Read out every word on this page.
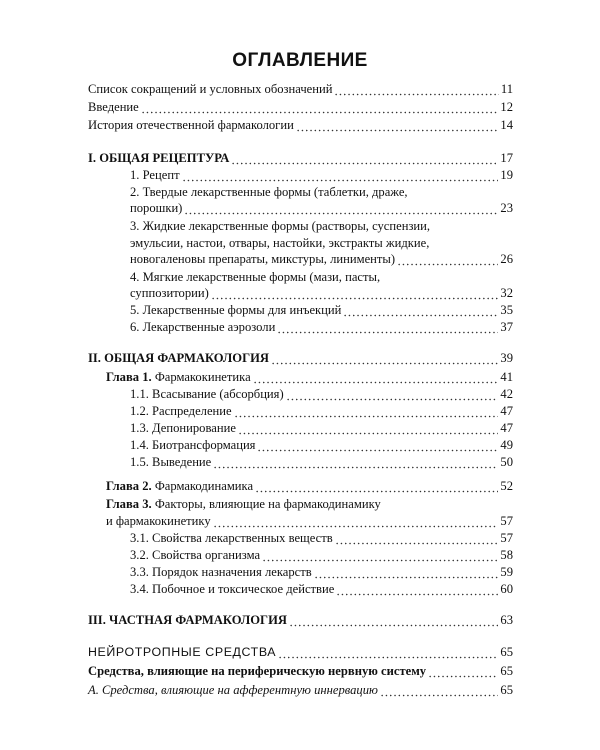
ОГЛАВЛЕНИЕ
Список сокращений и условных обозначений	11
Введение	12
История отечественной фармакологии	14
I. ОБЩАЯ РЕЦЕПТУРА	17
1. Рецепт	19
2. Твердые лекарственные формы (таблетки, драже,
порошки)	23
3. Жидкие лекарственные формы (растворы, суспензии,
эмульсии, настои, отвары, настойки, экстракты жидкие,
новогаленовы препараты, микстуры, линименты)	26
4. Мягкие лекарственные формы (мази, пасты,
суппозитории)	32
5. Лекарственные формы для инъекций	35
6. Лекарственные аэрозоли	37
II. ОБЩАЯ ФАРМАКОЛОГИЯ	39
Глава 1. Фармакокинетика	41
1.1. Всасывание (абсорбция)	42
1.2. Распределение	47
1.3. Депонирование	47
1.4. Биотрансформация	49
1.5. Выведение	50
Глава 2. Фармакодинамика	52
Глава 3. Факторы, влияющие на фармакодинамику
и фармакокинетику	57
3.1. Свойства лекарственных веществ	57
3.2. Свойства организма	58
3.3. Порядок назначения лекарств	59
3.4. Побочное и токсическое действие	60
III. ЧАСТНАЯ ФАРМАКОЛОГИЯ	63
НЕЙРОТРОПНЫЕ СРЕДСТВА	65
Средства, влияющие на периферическую нервную систему	65
А. Средства, влияющие на афферентную иннервацию	65
